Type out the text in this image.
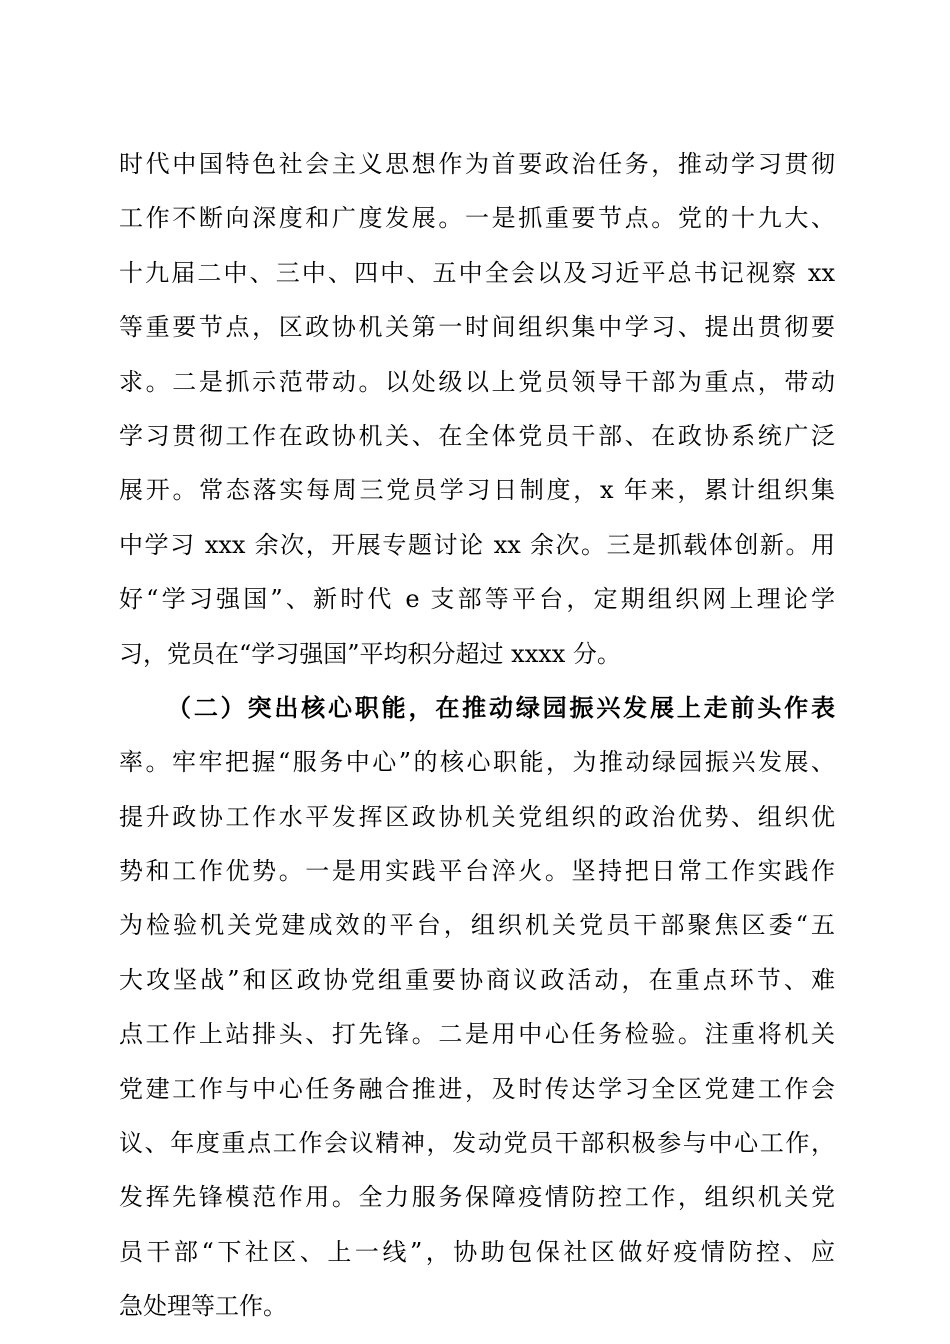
时代中国特色社会主义思想作为首要政治任务，推动学习贯彻
工作不断向深度和广度发展。一是抓重要节点。党的十九大、
十九届二中、三中、四中、五中全会以及习近平总书记视察 xx
等重要节点，区政协机关第一时间组织集中学习、提出贯彻要
求。二是抓示范带动。以处级以上党员领导干部为重点，带动
学习贯彻工作在政协机关、在全体党员干部、在政协系统广泛
展开。常态落实每周三党员学习日制度，x 年来，累计组织集
中学习 xxx 余次，开展专题讨论 xx 余次。三是抓载体创新。用
好“学习强国”、新时代 e 支部等平台，定期组织网上理论学
习，党员在“学习强国”平均积分超过 xxxx 分。
（二）突出核心职能，在推动绿园振兴发展上走前头作表
率。牢牢把握“服务中心”的核心职能，为推动绿园振兴发展、
提升政协工作水平发挥区政协机关党组织的政治优势、组织优
势和工作优势。一是用实践平台淬火。坚持把日常工作实践作
为检验机关党建成效的平台，组织机关党员干部聚焦区委“五
大攻坚战”和区政协党组重要协商议政活动，在重点环节、难
点工作上站排头、打先锋。二是用中心任务检验。注重将机关
党建工作与中心任务融合推进，及时传达学习全区党建工作会
议、年度重点工作会议精神，发动党员干部积极参与中心工作，
发挥先锋模范作用。全力服务保障疫情防控工作，组织机关党
员干部“下社区、上一线”，协助包保社区做好疫情防控、应
急处理等工作。
